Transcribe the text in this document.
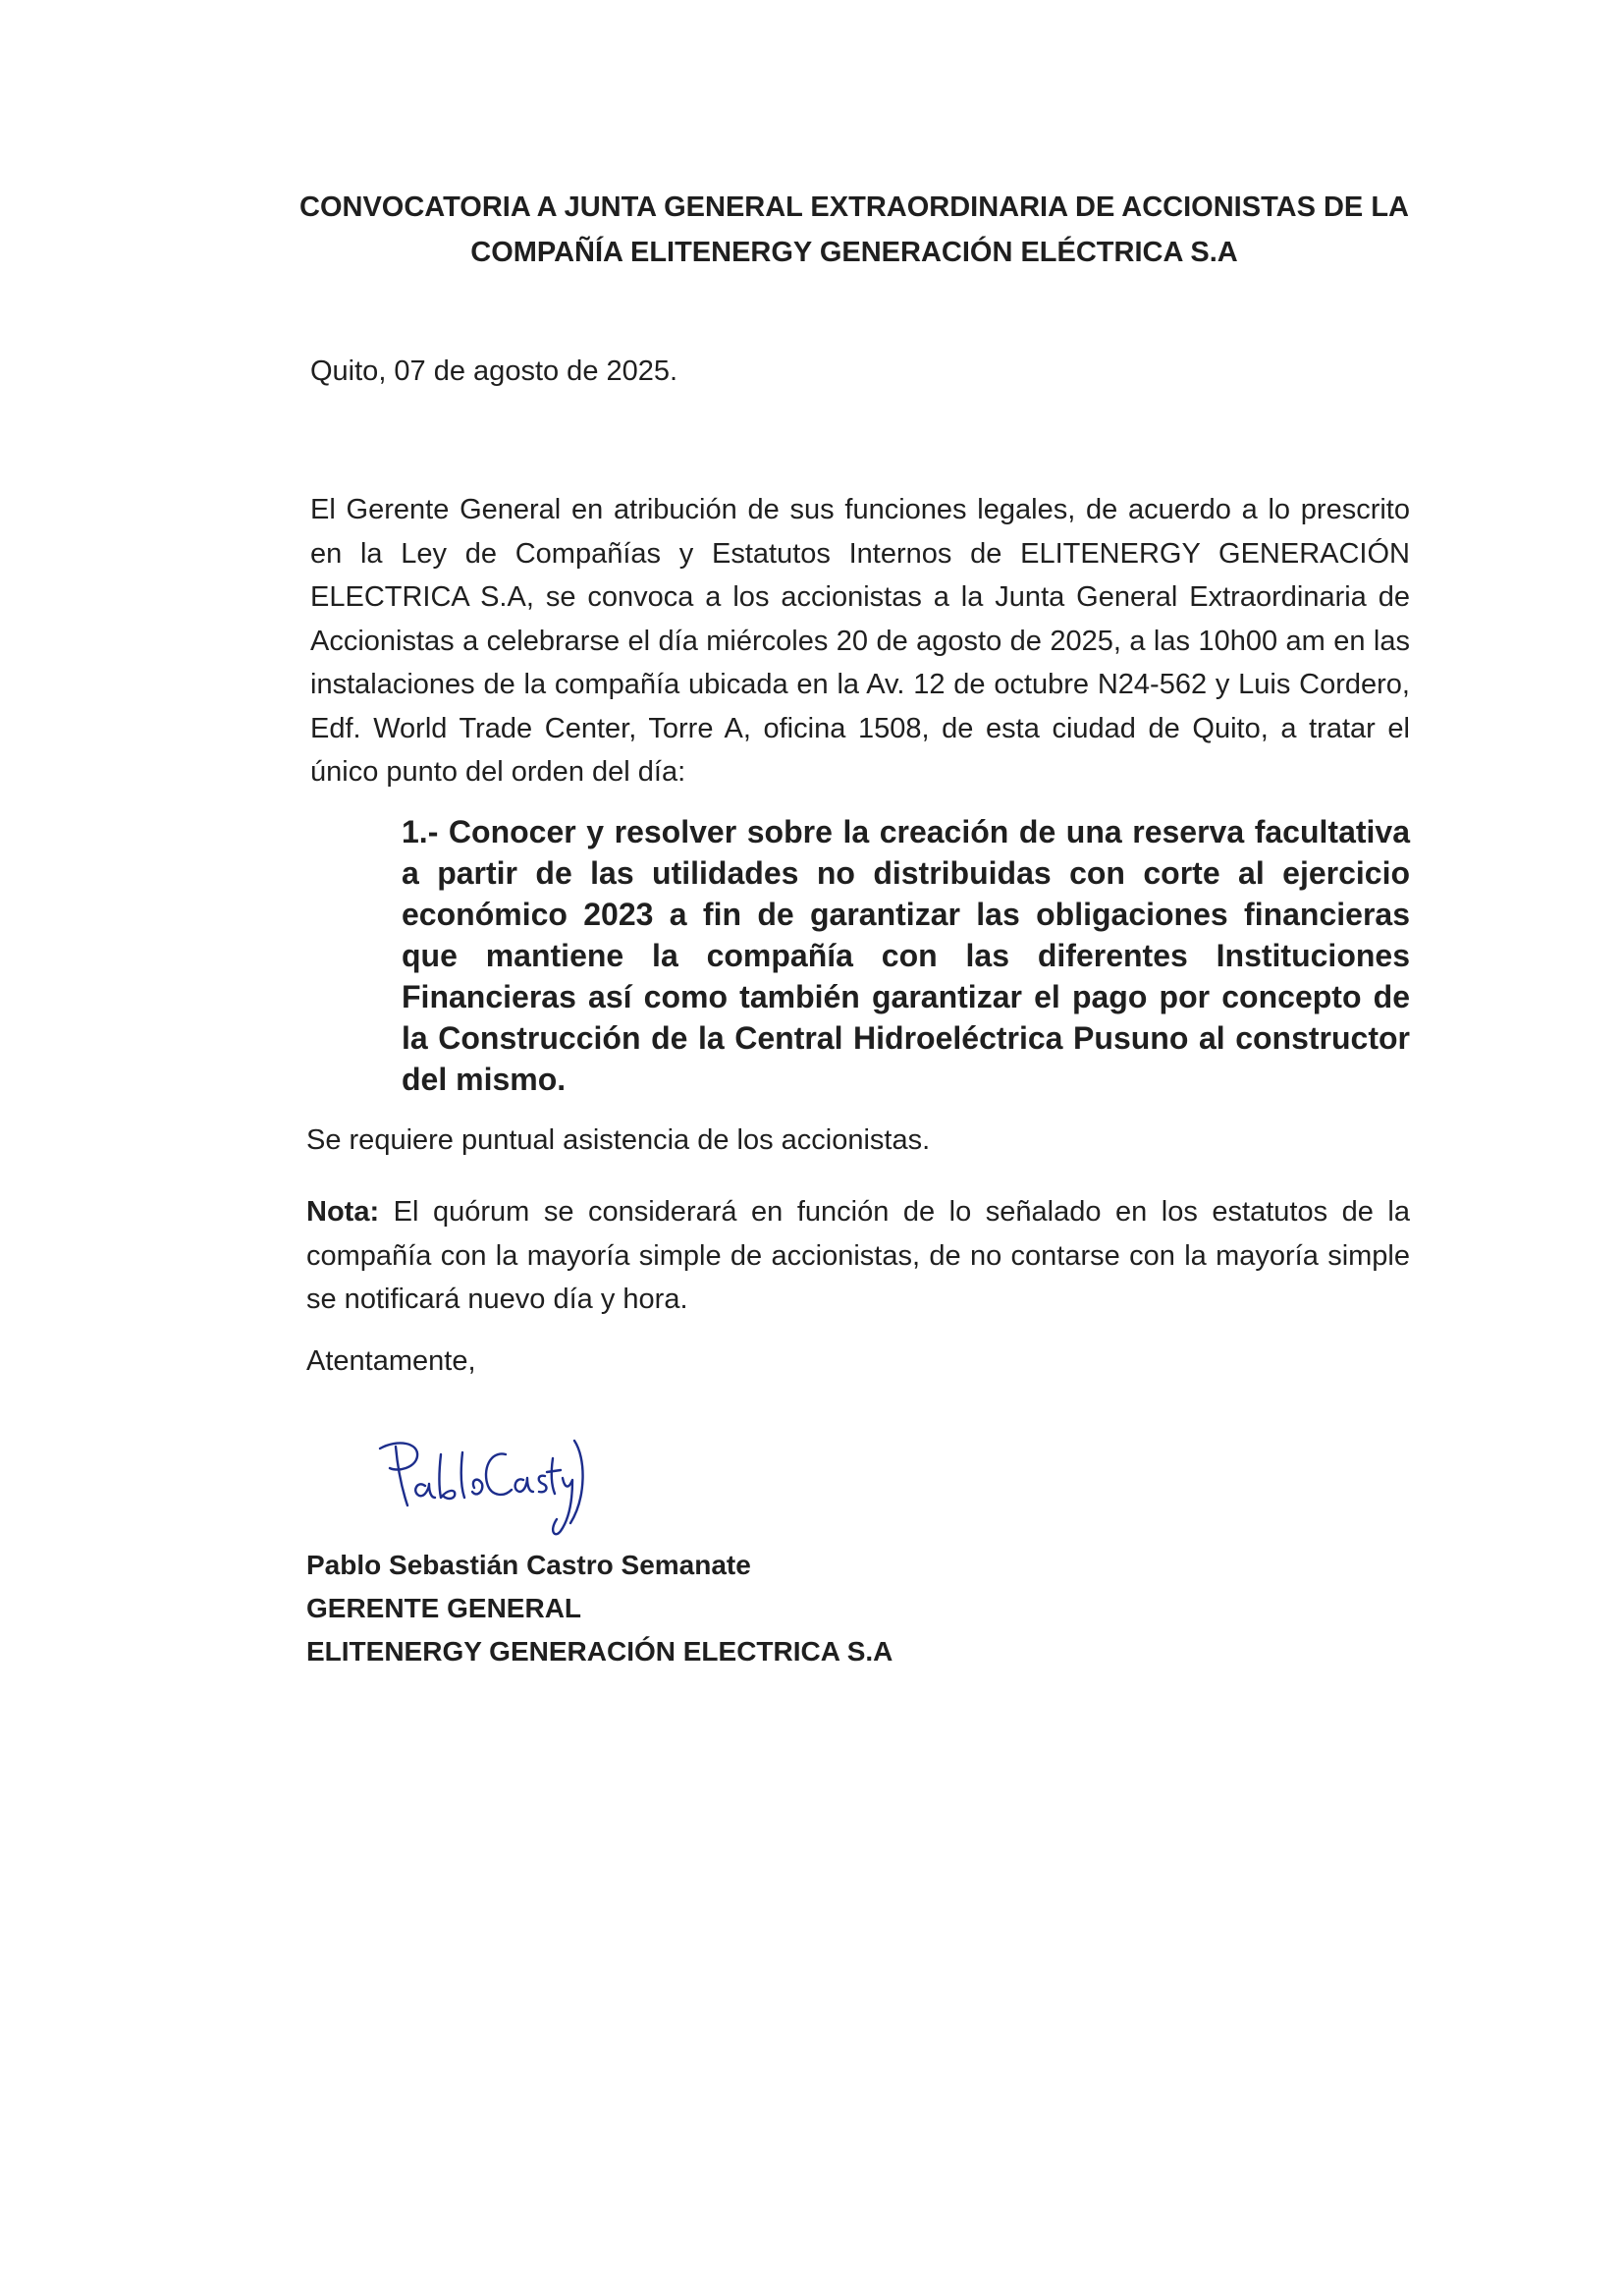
CONVOCATORIA A JUNTA GENERAL EXTRAORDINARIA DE ACCIONISTAS DE LA
COMPAÑÍA ELITENERGY GENERACIÓN ELÉCTRICA S.A

Quito, 07 de agosto de 2025.

El Gerente General en atribución de sus funciones legales, de acuerdo a lo prescrito en la Ley de Compañías y Estatutos Internos de ELITENERGY GENERACIÓN ELECTRICA S.A, se convoca a los accionistas a la Junta General Extraordinaria de Accionistas a celebrarse el día miércoles 20 de agosto de 2025, a las 10h00 am en las instalaciones de la compañía ubicada en la Av. 12 de octubre N24-562 y Luis Cordero, Edf. World Trade Center, Torre A, oficina 1508, de esta ciudad de Quito, a tratar el único punto del orden del día:

1.- Conocer y resolver sobre la creación de una reserva facultativa a partir de las utilidades no distribuidas con corte al ejercicio económico 2023 a fin de garantizar las obligaciones financieras que mantiene la compañía con las diferentes Instituciones Financieras así como también garantizar el pago por concepto de la Construcción de la Central Hidroeléctrica Pusuno al constructor del mismo.

Se requiere puntual asistencia de los accionistas.

Nota: El quórum se considerará en función de lo señalado en los estatutos de la compañía con la mayoría simple de accionistas, de no contarse con la mayoría simple se notificará nuevo día y hora.

Atentamente,

Pablo Sebastián Castro Semanate
GERENTE GENERAL
ELITENERGY GENERACIÓN ELECTRICA S.A
